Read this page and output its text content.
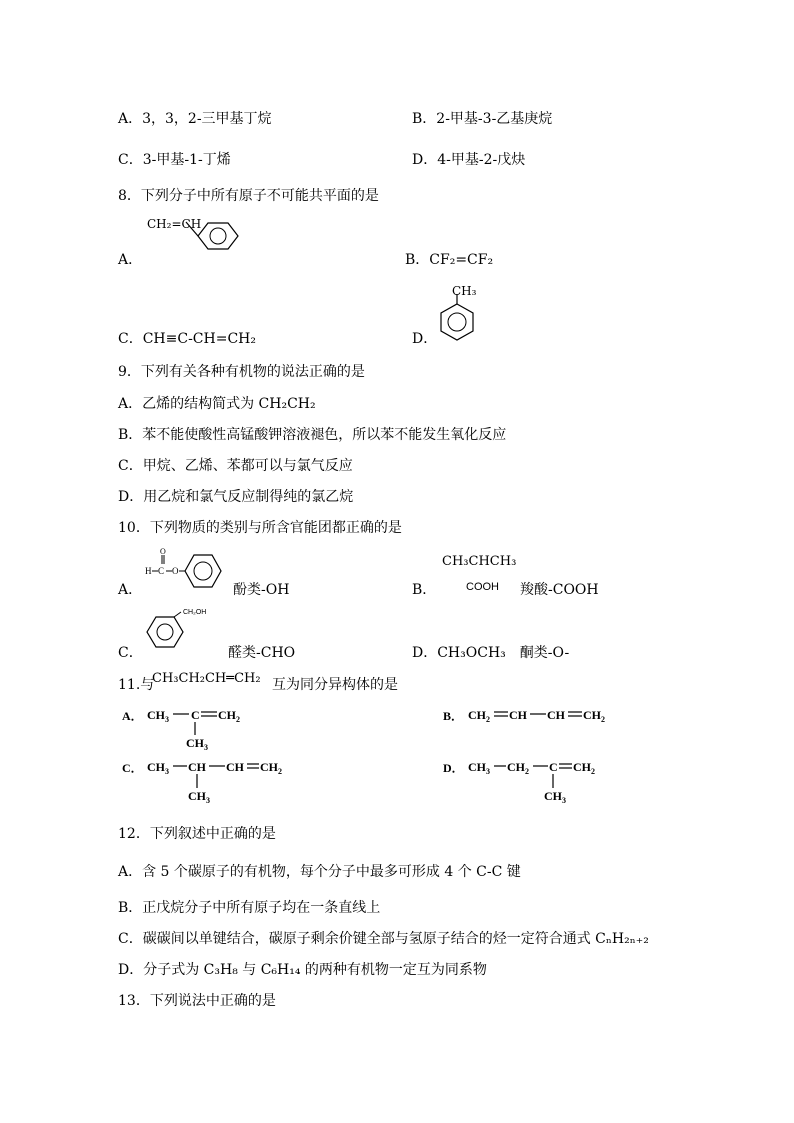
A．3，3，2-三甲基丁烷	B．2-甲基-3-乙基庚烷
C．3-甲基-1-丁烯	D．4-甲基-2-戊炔
8．下列分子中所有原子不可能共平面的是
CH₂=CH
A．	B．CF₂=CF₂
CH₃
C．CH≡C-CH=CH₂	D．
9．下列有关各种有机物的说法正确的是
A．乙烯的结构简式为 CH₂CH₂
B．苯不能使酸性高锰酸钾溶液褪色，所以苯不能发生氧化反应
C．甲烷、乙烯、苯都可以与氯气反应
D．用乙烷和氯气反应制得纯的氯乙烷
10．下列物质的类别与所含官能团都正确的是
H C
O
O
A．	酚类-OH
CH₃CHCH₃
COOH
B．	羧酸-COOH
CH₂OH
C．	醛类-CHO	D．CH₃OCH₃　酮类-O-
11.与
CH₃CH₂CH═CH₂ 互为同分异构体的是
A． $CH_3$ C $CH_2$
$CH_3$
B． $CH_2$ CH CH $CH_2$
C． $CH_3$ CH CH $CH_2$
$CH_3$
D． $CH_3$ $CH_2$ C $CH_2$
$CH_3$
12．下列叙述中正确的是
A．含 5 个碳原子的有机物，每个分子中最多可形成 4 个 C-C 键
B．正戊烷分子中所有原子均在一条直线上
C．碳碳间以单键结合，碳原子剩余价键全部与氢原子结合的烃一定符合通式 CₙH₂ₙ₊₂
D．分子式为 C₃H₈ 与 C₆H₁₄ 的两种有机物一定互为同系物
13．下列说法中正确的是
